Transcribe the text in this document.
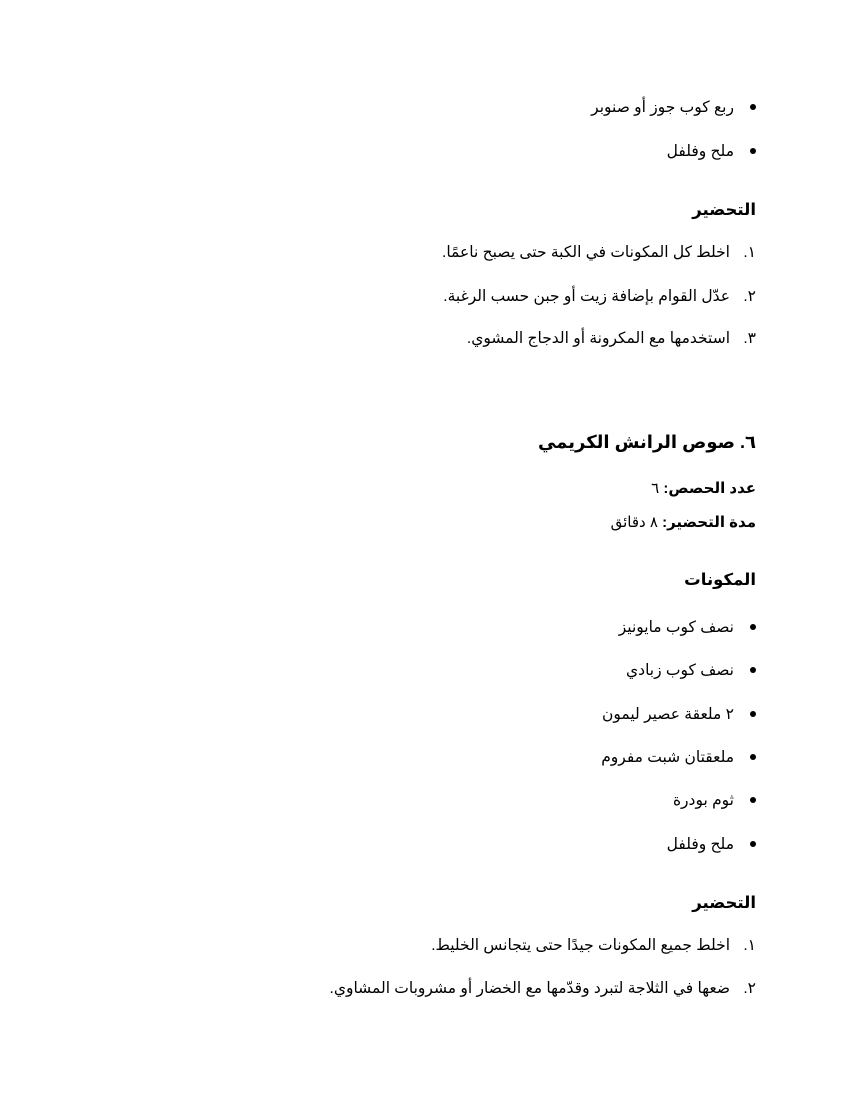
ربع كوب جوز أو صنوبر
ملح وفلفل
التحضير
١.اخلط كل المكونات في الكبة حتى يصبح ناعمًا.
٢.عدّل القوام بإضافة زيت أو جبن حسب الرغبة.
٣.استخدمها مع المكرونة أو الدجاج المشوي.
٦. صوص الرانش الكريمي
عدد الحصص: ٦
مدة التحضير: ٨ دقائق
المكونات
نصف كوب مايونيز
نصف كوب زبادي
٢ ملعقة عصير ليمون
ملعقتان شبت مفروم
ثوم بودرة
ملح وفلفل
التحضير
١.اخلط جميع المكونات جيدًا حتى يتجانس الخليط.
٢.ضعها في الثلاجة لتبرد وقدّمها مع الخضار أو مشروبات المشاوي.
